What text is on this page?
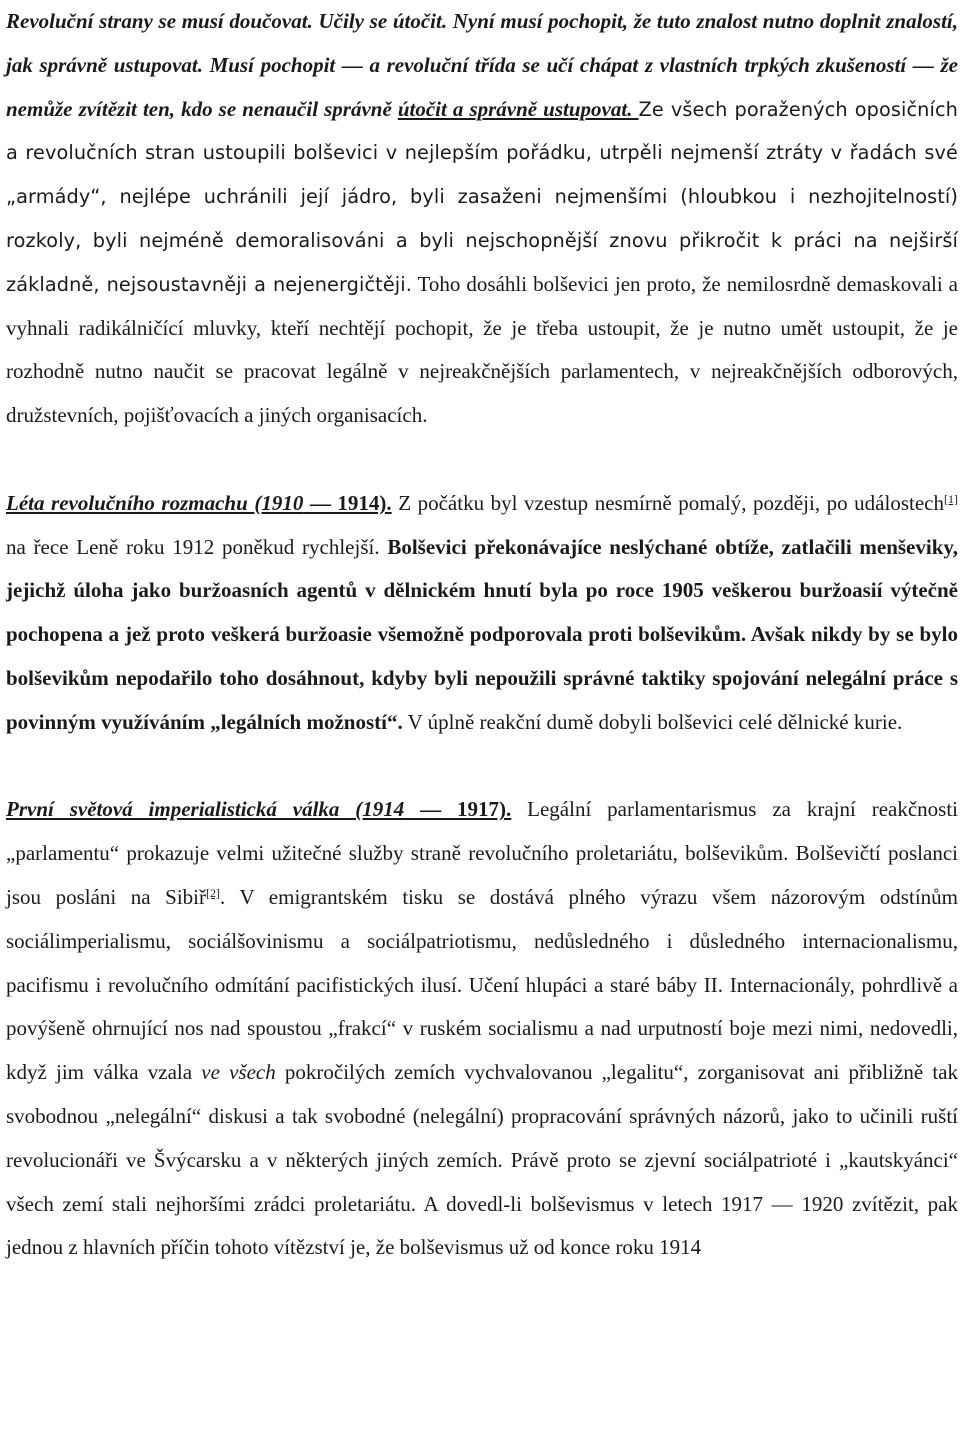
Revoluční strany se musí doučovat. Učily se útočit. Nyní musí pochopit, že tuto znalost nutno doplnit znalostí, jak správně ustupovat. Musí pochopit — a revoluční třída se učí chápat z vlastních trpkých zkušeností — že nemůže zvítězit ten, kdo se nenaučil správně útočit a správně ustupovat. Ze všech poražených oposičních a revolučních stran ustoupili bolševici v nejlepším pořádku, utrpěli nejmenší ztráty v řadách své „armády“, nejlépe uchránili její jádro, byli zasaženi nejmenšími (hloubkou i nezhojitelností) rozkoly, byli nejméně demoralisováni a byli nejschopnější znovu přikročit k práci na nejširší základně, nejsoustavněji a nejenergičtěji. Toho dosáhli bolševici jen proto, že nemilosrdně demaskovali a vyhnali radikálničící mluvky, kteří nechtějí pochopit, že je třeba ustoupit, že je nutno umět ustoupit, že je rozhodně nutno naučit se pracovat legálně v nejreakčnějších parlamentech, v nejreakčnějších odborových, družstevních, pojišťovacích a jiných organisacích.

Léta revolučního rozmachu (1910 — 1914). Z počátku byl vzestup nesmírně pomalý, později, po událostech[1] na řece Leně roku 1912 poněkud rychlejší. Bolševici překonávajíce neslýchané obtíže, zatlačili menševiky, jejichž úloha jako buržoasních agentů v dělnickém hnutí byla po roce 1905 veškerou buržoasií výtečně pochopena a jež proto veškerá buržoasie všemožně podporovala proti bolševikům. Avšak nikdy by se bylo bolševikům nepodařilo toho dosáhnout, kdyby byli nepoužili správné taktiky spojování nelegální práce s povinným využíváním „legálních možností“. V úplně reakční dumě dobyli bolševici celé dělnické kurie.

První světová imperialistická válka (1914 — 1917). Legální parlamentarismus za krajní reakčnosti „parlamentu“ prokazuje velmi užitečné služby straně revolučního proletariátu, bolševikům. Bolševičtí poslanci jsou posláni na Sibiř[2]. V emigrantském tisku se dostává plného výrazu všem názorovým odstínům sociálimperialismu, sociálšovinismu a sociálpatriotismu, nedůsledného i důsledného internacionalismu, pacifismu i revolučního odmítání pacifistických ilusí. Učení hlupáci a staré báby II. Internacionály, pohrdlivě a povýšeně ohrnující nos nad spoustou „frakcí“ v ruském socialismu a nad urputností boje mezi nimi, nedovedli, když jim válka vzala ve všech pokročilých zemích vychvalovanou „legalitu“, zorganisovat ani přibližně tak svobodnou „nelegální“ diskusi a tak svobodné (nelegální) propracování správných názorů, jako to učinili ruští revolucionáři ve Švýcarsku a v některých jiných zemích. Právě proto se zjevní sociálpatrioté i „kautskyánci“ všech zemí stali nejhoršími zrádci proletariátu. A dovedl-li bolševismus v letech 1917 — 1920 zvítězit, pak jednou z hlavních příčin tohoto vítězství je, že bolševismus už od konce roku 1914
